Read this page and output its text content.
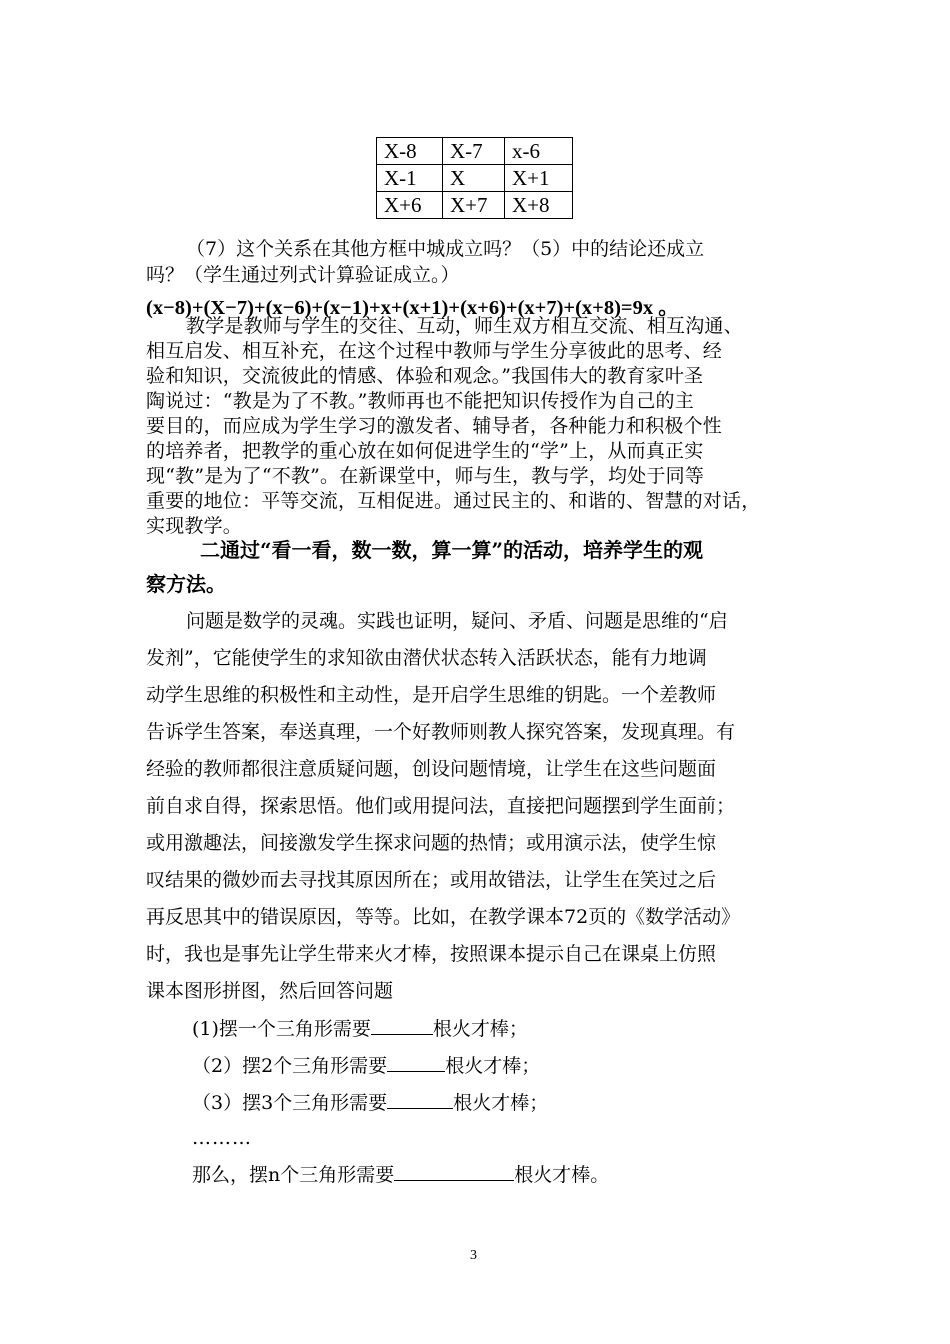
X-8	X-7	x-6
X-1	X	X+1
X+6	X+7	X+8
（7）这个关系在其他方框中城成立吗？（5）中的结论还成立
吗？（学生通过列式计算验证成立。）
(x−8)+(X−7)+(x−6)+(x−1)+x+(x+1)+(x+6)+(x+7)+(x+8)=9x 。
教学是教师与学生的交往、互动，师生双方相互交流、相互沟通、
相互启发、相互补充，在这个过程中教师与学生分享彼此的思考、经
验和知识，交流彼此的情感、体验和观念。”我国伟大的教育家叶圣
陶说过：“教是为了不教。”教师再也不能把知识传授作为自己的主
要目的，而应成为学生学习的激发者、辅导者，各种能力和积极个性
的培养者，把教学的重心放在如何促进学生的“学”上，从而真正实
现“教”是为了“不教”。在新课堂中，师与生，教与学，均处于同等
重要的地位：平等交流，互相促进。通过民主的、和谐的、智慧的对话，
实现教学。
二通过“看一看，数一数，算一算”的活动，培养学生的观
察方法。
问题是数学的灵魂。实践也证明，疑问、矛盾、问题是思维的“启
发剂”，它能使学生的求知欲由潜伏状态转入活跃状态，能有力地调
动学生思维的积极性和主动性，是开启学生思维的钥匙。一个差教师
告诉学生答案，奉送真理，一个好教师则教人探究答案，发现真理。有
经验的教师都很注意质疑问题，创设问题情境，让学生在这些问题面
前自求自得，探索思悟。他们或用提问法，直接把问题摆到学生面前；
或用激趣法，间接激发学生探求问题的热情；或用演示法，使学生惊
叹结果的微妙而去寻找其原因所在；或用故错法，让学生在笑过之后
再反思其中的错误原因，等等。比如，在教学课本72页的《数学活动》
时，我也是事先让学生带来火才棒，按照课本提示自己在课桌上仿照
课本图形拼图，然后回答问题
(1)摆一个三角形需要	根火才棒；
（2）摆2个三角形需要	根火才棒；
（3）摆3个三角形需要	根火才棒；
………
那么，摆n个三角形需要	根火才棒。
3
